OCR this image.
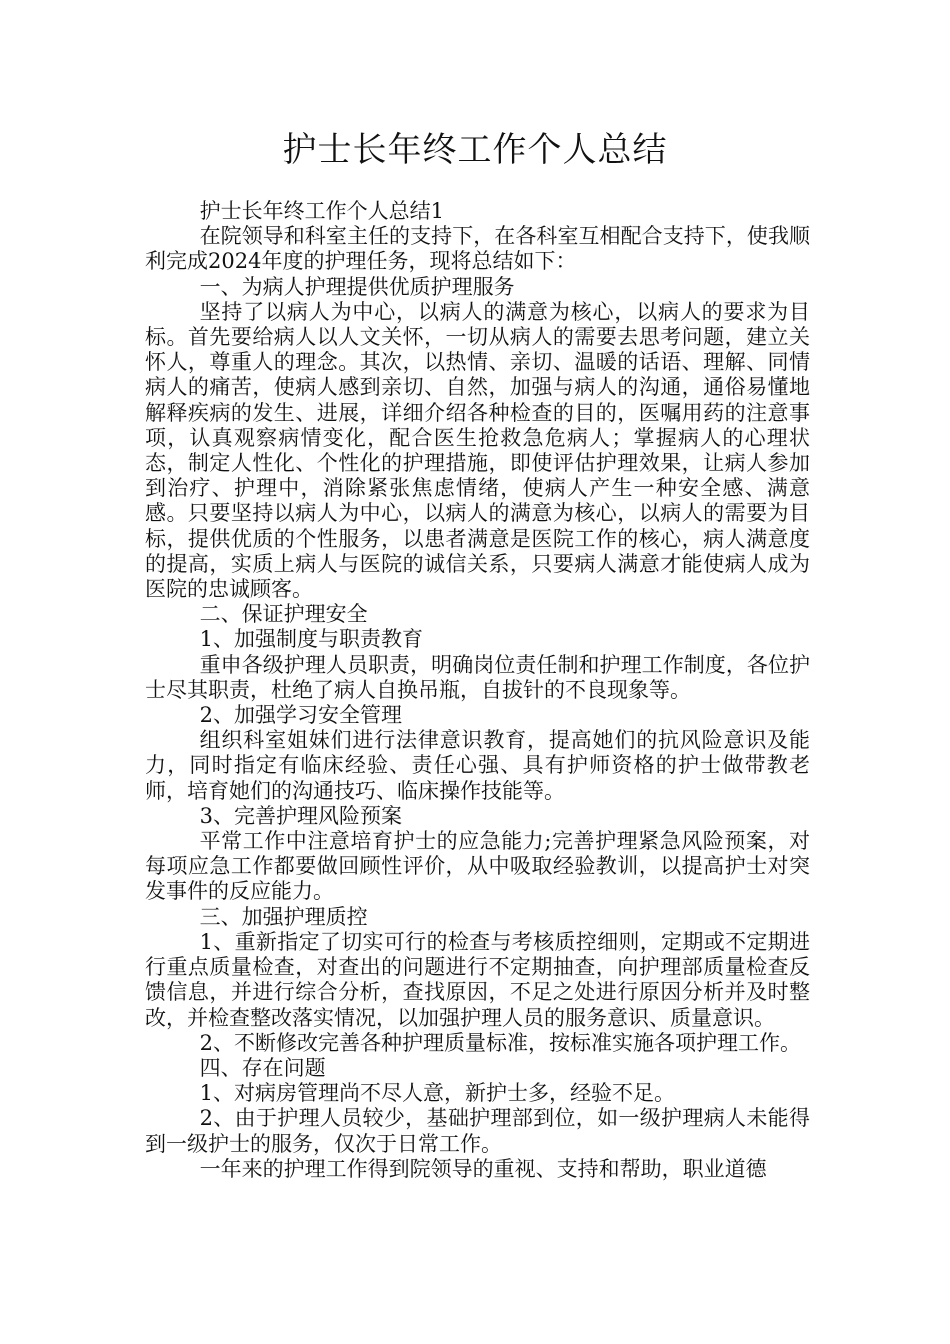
护士长年终工作个人总结

护士长年终工作个人总结1

在院领导和科室主任的支持下，在各科室互相配合支持下，使我顺利完成2024年度的护理任务，现将总结如下：

一、为病人护理提供优质护理服务

坚持了以病人为中心，以病人的满意为核心，以病人的要求为目标。首先要给病人以人文关怀，一切从病人的需要去思考问题，建立关怀人，尊重人的理念。其次，以热情、亲切、温暖的话语、理解、同情病人的痛苦，使病人感到亲切、自然，加强与病人的沟通，通俗易懂地解释疾病的发生、进展，详细介绍各种检查的目的，医嘱用药的注意事项，认真观察病情变化，配合医生抢救急危病人；掌握病人的心理状态，制定人性化、个性化的护理措施，即使评估护理效果，让病人参加到治疗、护理中，消除紧张焦虑情绪，使病人产生一种安全感、满意感。只要坚持以病人为中心，以病人的满意为核心，以病人的需要为目标，提供优质的个性服务，以患者满意是医院工作的核心，病人满意度的提高，实质上病人与医院的诚信关系，只要病人满意才能使病人成为医院的忠诚顾客。

二、保证护理安全

1、加强制度与职责教育

重申各级护理人员职责，明确岗位责任制和护理工作制度，各位护士尽其职责，杜绝了病人自换吊瓶，自拔针的不良现象等。

2、加强学习安全管理

组织科室姐妹们进行法律意识教育，提高她们的抗风险意识及能力，同时指定有临床经验、责任心强、具有护师资格的护士做带教老师，培育她们的沟通技巧、临床操作技能等。

3、完善护理风险预案

平常工作中注意培育护士的应急能力;完善护理紧急风险预案，对每项应急工作都要做回顾性评价，从中吸取经验教训，以提高护士对突发事件的反应能力。

三、加强护理质控

1、重新指定了切实可行的检查与考核质控细则，定期或不定期进行重点质量检查，对查出的问题进行不定期抽查，向护理部质量检查反馈信息，并进行综合分析，查找原因，不足之处进行原因分析并及时整改，并检查整改落实情况，以加强护理人员的服务意识、质量意识。

2、不断修改完善各种护理质量标准，按标准实施各项护理工作。

四、存在问题

1、对病房管理尚不尽人意，新护士多，经验不足。

2、由于护理人员较少，基础护理部到位，如一级护理病人未能得到一级护士的服务，仅次于日常工作。

一年来的护理工作得到院领导的重视、支持和帮助，职业道德
